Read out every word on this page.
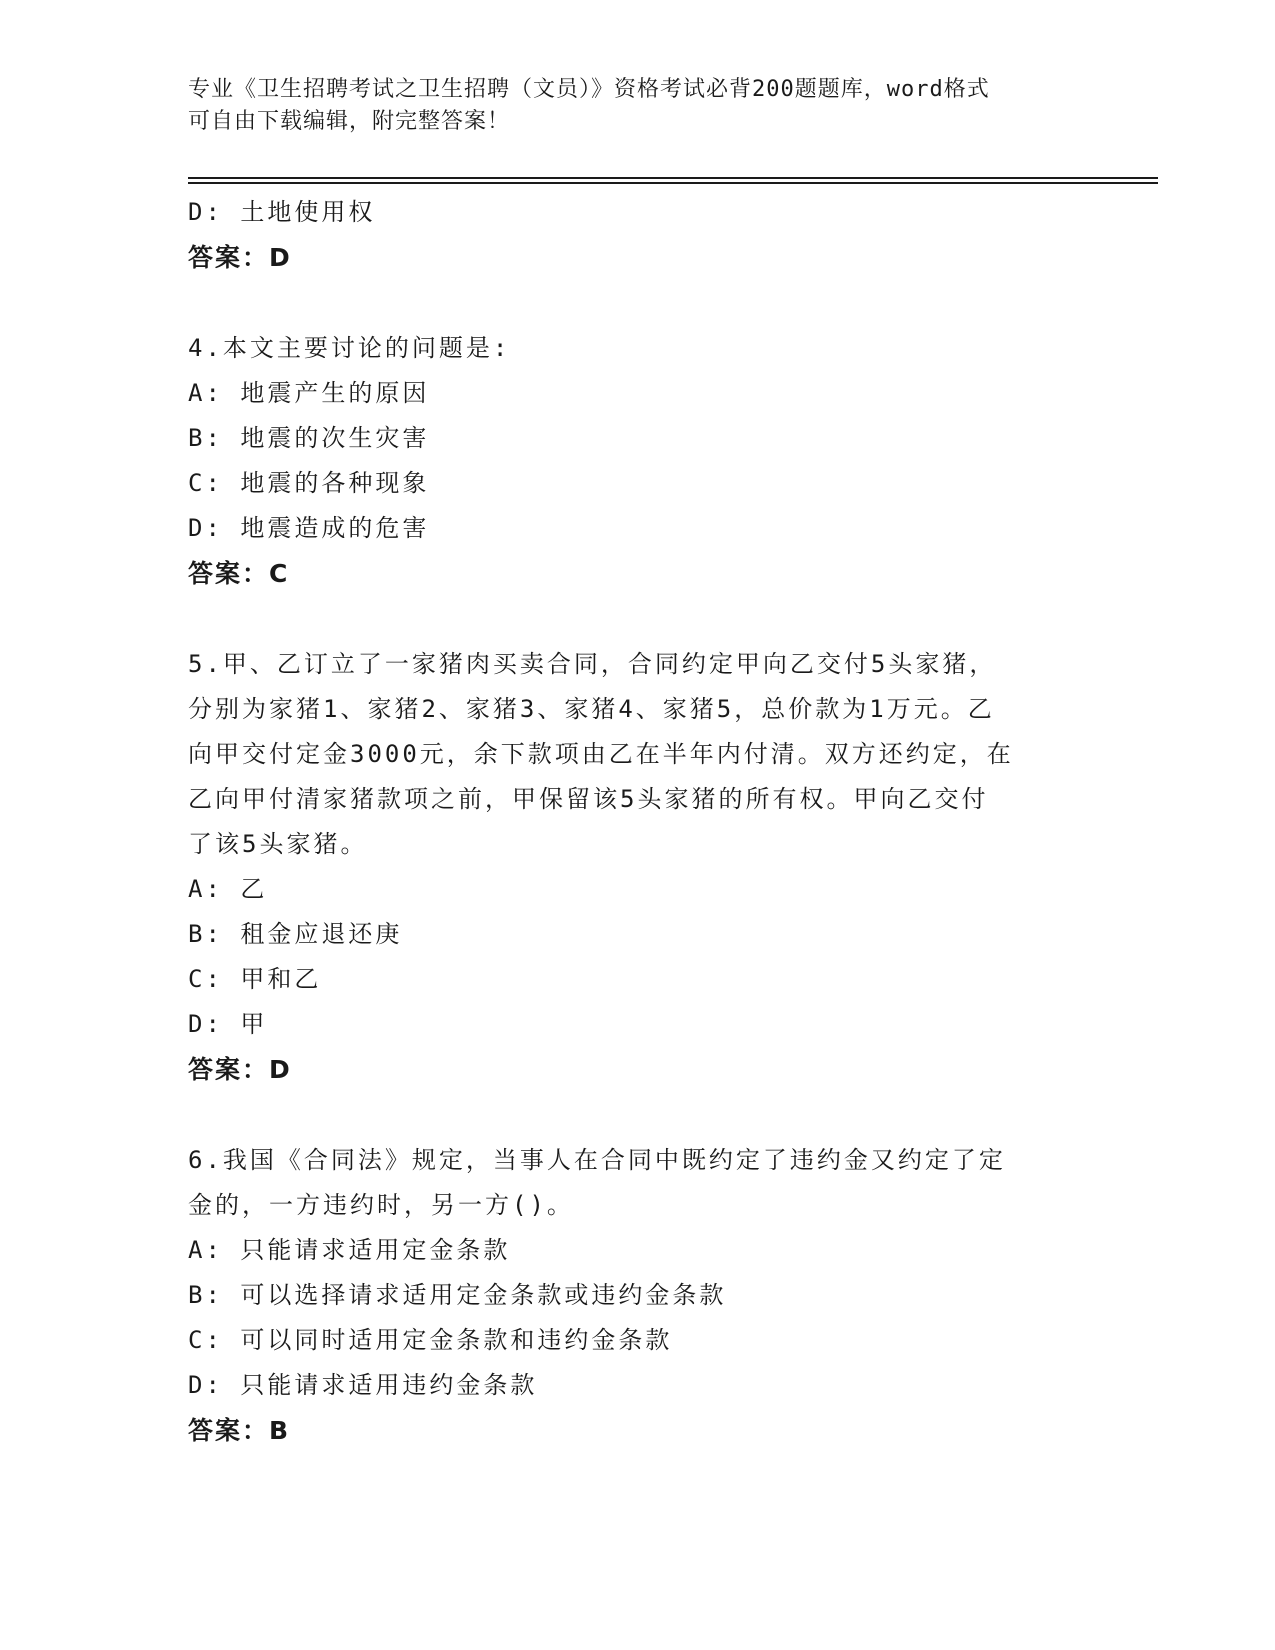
专业《卫生招聘考试之卫生招聘（文员）》资格考试必背200题题库，word格式
可自由下载编辑，附完整答案！
D: 土地使用权
答案：D
4.本文主要讨论的问题是:
A: 地震产生的原因
B: 地震的次生灾害
C: 地震的各种现象
D: 地震造成的危害
答案：C
5.甲、乙订立了一家猪肉买卖合同，合同约定甲向乙交付5头家猪，
分别为家猪1、家猪2、家猪3、家猪4、家猪5，总价款为1万元。乙
向甲交付定金3000元，余下款项由乙在半年内付清。双方还约定，在
乙向甲付清家猪款项之前，甲保留该5头家猪的所有权。甲向乙交付
了该5头家猪。
A: 乙
B: 租金应退还庚
C: 甲和乙
D: 甲
答案：D
6.我国《合同法》规定，当事人在合同中既约定了违约金又约定了定
金的，一方违约时，另一方()。
A: 只能请求适用定金条款
B: 可以选择请求适用定金条款或违约金条款
C: 可以同时适用定金条款和违约金条款
D: 只能请求适用违约金条款
答案：B
